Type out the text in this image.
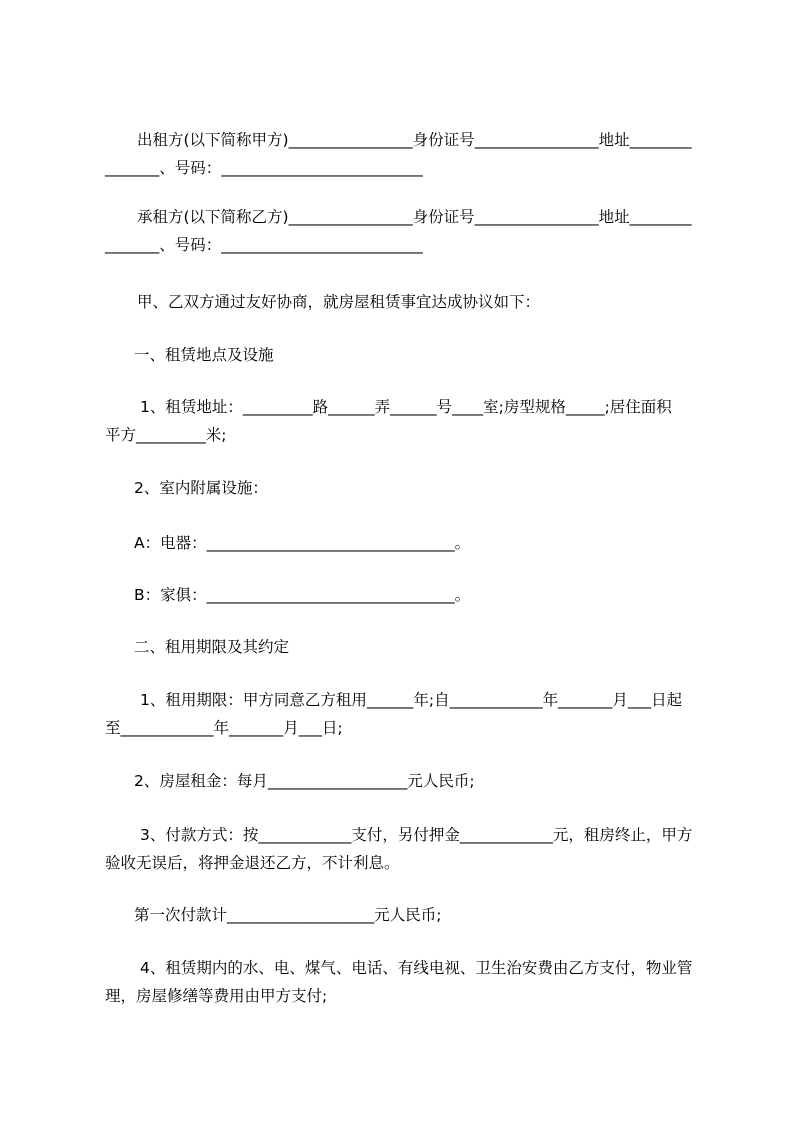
出租方(以下简称甲方)________________身份证号________________地址________

_______、号码：__________________________

承租方(以下简称乙方)________________身份证号________________地址________

_______、号码：__________________________

甲、乙双方通过友好协商，就房屋租赁事宜达成协议如下：

一、租赁地点及设施

1、租赁地址：_________路______弄______号____室;房型规格_____;居住面积

平方_________米;

2、室内附属设施：

A：电器：________________________________。

B：家俱：________________________________。

二、租用期限及其约定

1、租用期限：甲方同意乙方租用______年;自____________年_______月___日起

至____________年_______月___日;

2、房屋租金：每月__________________元人民币;

3、付款方式：按____________支付，另付押金____________元，租房终止，甲方

验收无误后，将押金退还乙方，不计利息。

第一次付款计___________________元人民币;

4、租赁期内的水、电、煤气、电话、有线电视、卫生治安费由乙方支付，物业管

理，房屋修缮等费用由甲方支付;
